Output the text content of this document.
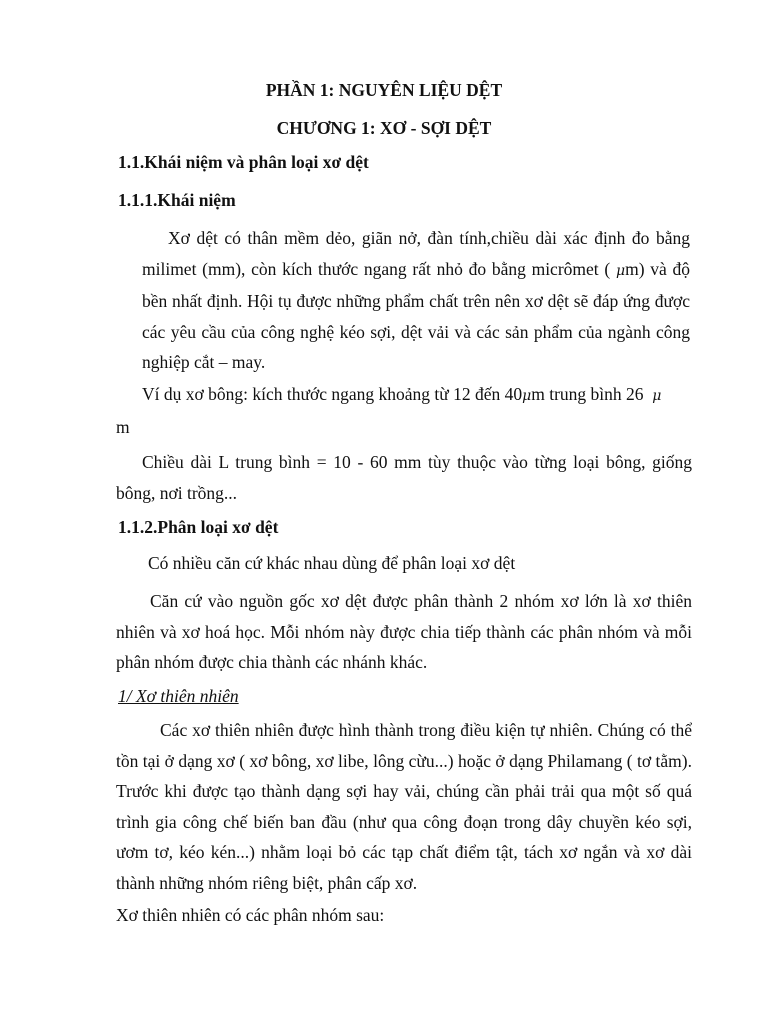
PHẦN 1: NGUYÊN LIỆU DỆT

CHƯƠNG 1: XƠ - SỢI DỆT

1.1.Khái niệm và phân loại xơ dệt

1.1.1.Khái niệm

Xơ dệt có thân mềm dẻo, giãn nở, đàn tính,chiều dài xác định đo bằng milimet (mm), còn kích thước ngang rất nhỏ đo bằng micrômet ( μm) và độ bền nhất định. Hội tụ được những phẩm chất trên nên xơ dệt sẽ đáp ứng được các yêu cầu của công nghệ kéo sợi, dệt vải và các sản phẩm của ngành công nghiệp cắt – may.

Ví dụ xơ bông: kích thước ngang khoảng từ 12 đến 40μm trung bình 26 μ
m

Chiều dài L trung bình = 10 - 60 mm tùy thuộc vào từng loại bông, giống bông, nơi trồng...

1.1.2.Phân loại xơ dệt

Có nhiều căn cứ khác nhau dùng để phân loại xơ dệt

Căn cứ vào nguồn gốc xơ dệt được phân thành 2 nhóm xơ lớn là xơ thiên nhiên và xơ hoá học. Mỗi nhóm này được chia tiếp thành các phân nhóm và mỗi phân nhóm được chia thành các nhánh khác.

1/ Xơ thiên nhiên

Các xơ thiên nhiên được hình thành trong điều kiện tự nhiên. Chúng có thể tồn tại ở dạng xơ ( xơ bông, xơ libe, lông cừu...) hoặc ở dạng Philamang ( tơ tằm). Trước khi được tạo thành dạng sợi hay vải, chúng cần phải trải qua một số quá trình gia công chế biến ban đầu (như qua công đoạn trong dây chuyền kéo sợi, ươm tơ, kéo kén...) nhằm loại bỏ các tạp chất điểm tật, tách xơ ngắn và xơ dài thành những nhóm riêng biệt, phân cấp xơ.

Xơ thiên nhiên có các phân nhóm sau:
